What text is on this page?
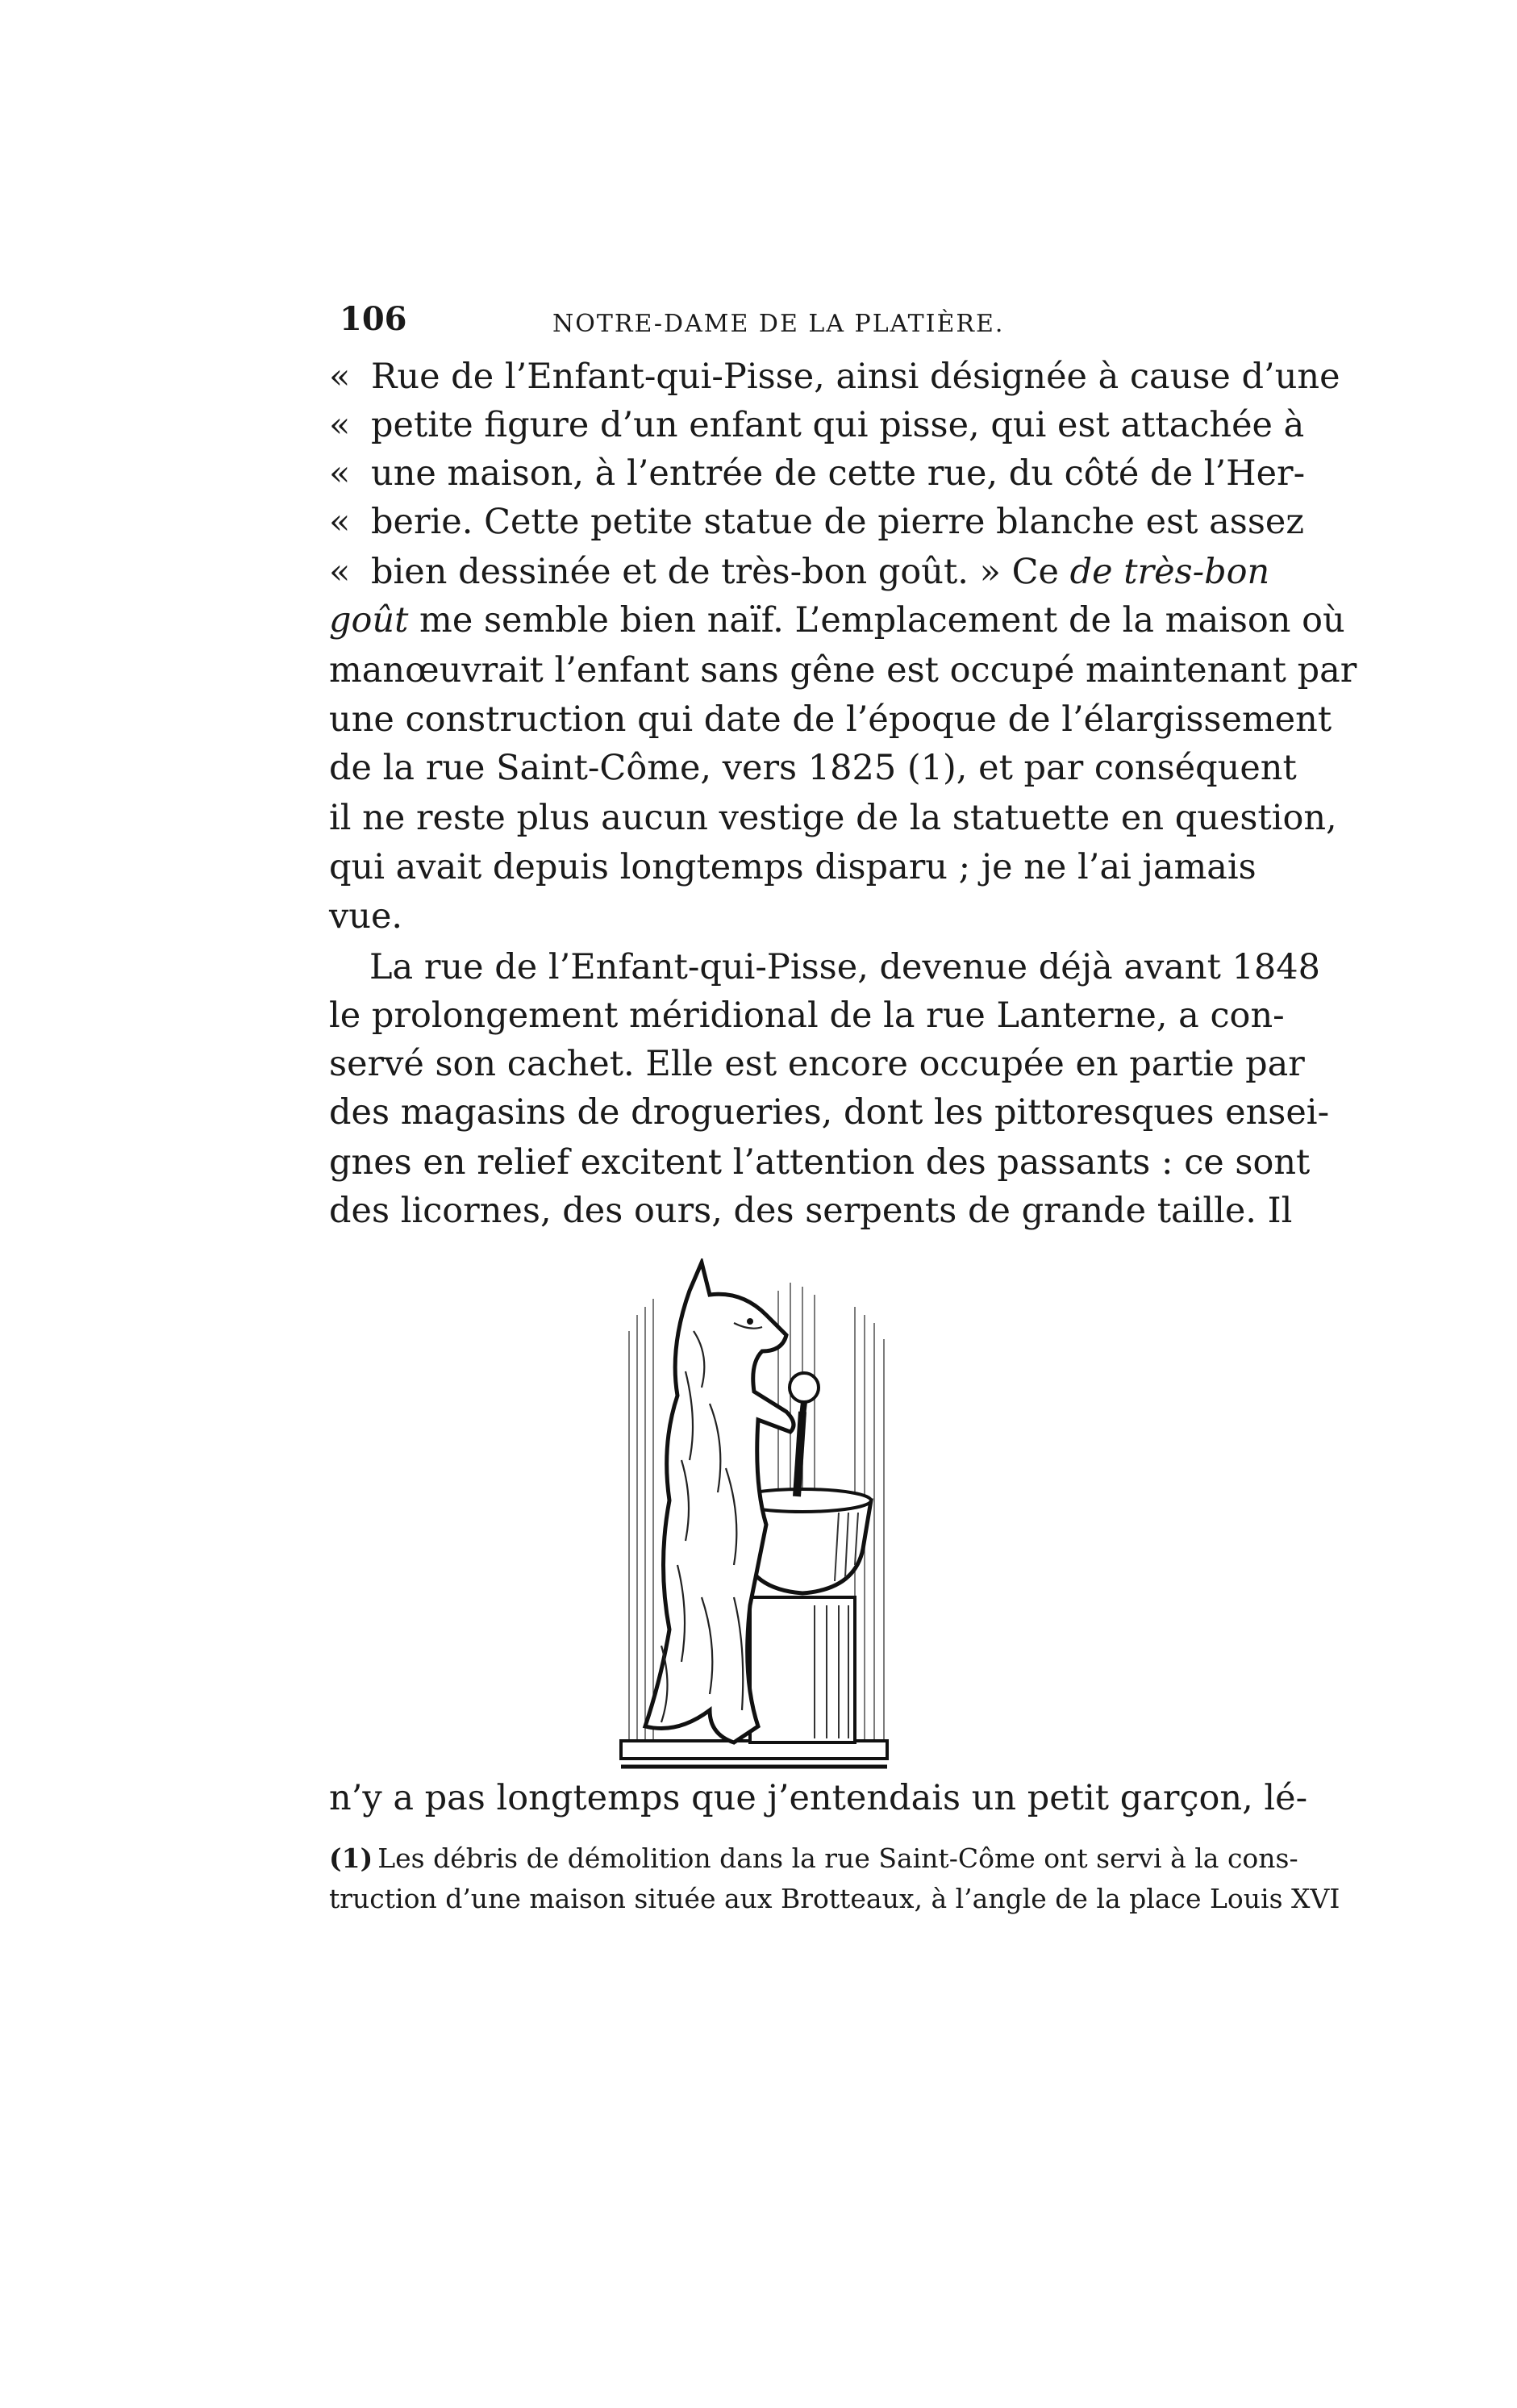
106	NOTRE-DAME DE LA PLATIÈRE.
« Rue de l’Enfant-qui-Pisse, ainsi désignée à cause d’une
« petite figure d’un enfant qui pisse, qui est attachée à
« une maison, à l’entrée de cette rue, du côté de l’Her-
« berie. Cette petite statue de pierre blanche est assez
« bien dessinée et de très-bon goût. » Ce de très-bon
goût me semble bien naïf. L’emplacement de la maison où
manœuvrait l’enfant sans gêne est occupé maintenant par
une construction qui date de l’époque de l’élargissement
de la rue Saint-Côme, vers 1825 (1), et par conséquent
il ne reste plus aucun vestige de la statuette en question,
qui avait depuis longtemps disparu ; je ne l’ai jamais
vue.
La rue de l’Enfant-qui-Pisse, devenue déjà avant 1848
le prolongement méridional de la rue Lanterne, a con-
servé son cachet. Elle est encore occupée en partie par
des magasins de drogueries, dont les pittoresques ensei-
gnes en relief excitent l’attention des passants : ce sont
des licornes, des ours, des serpents de grande taille. Il
n’y a pas longtemps que j’entendais un petit garçon, lé-
(1) Les débris de démolition dans la rue Saint-Côme ont servi à la cons-
truction d’une maison située aux Brotteaux, à l’angle de la place Louis XVI
